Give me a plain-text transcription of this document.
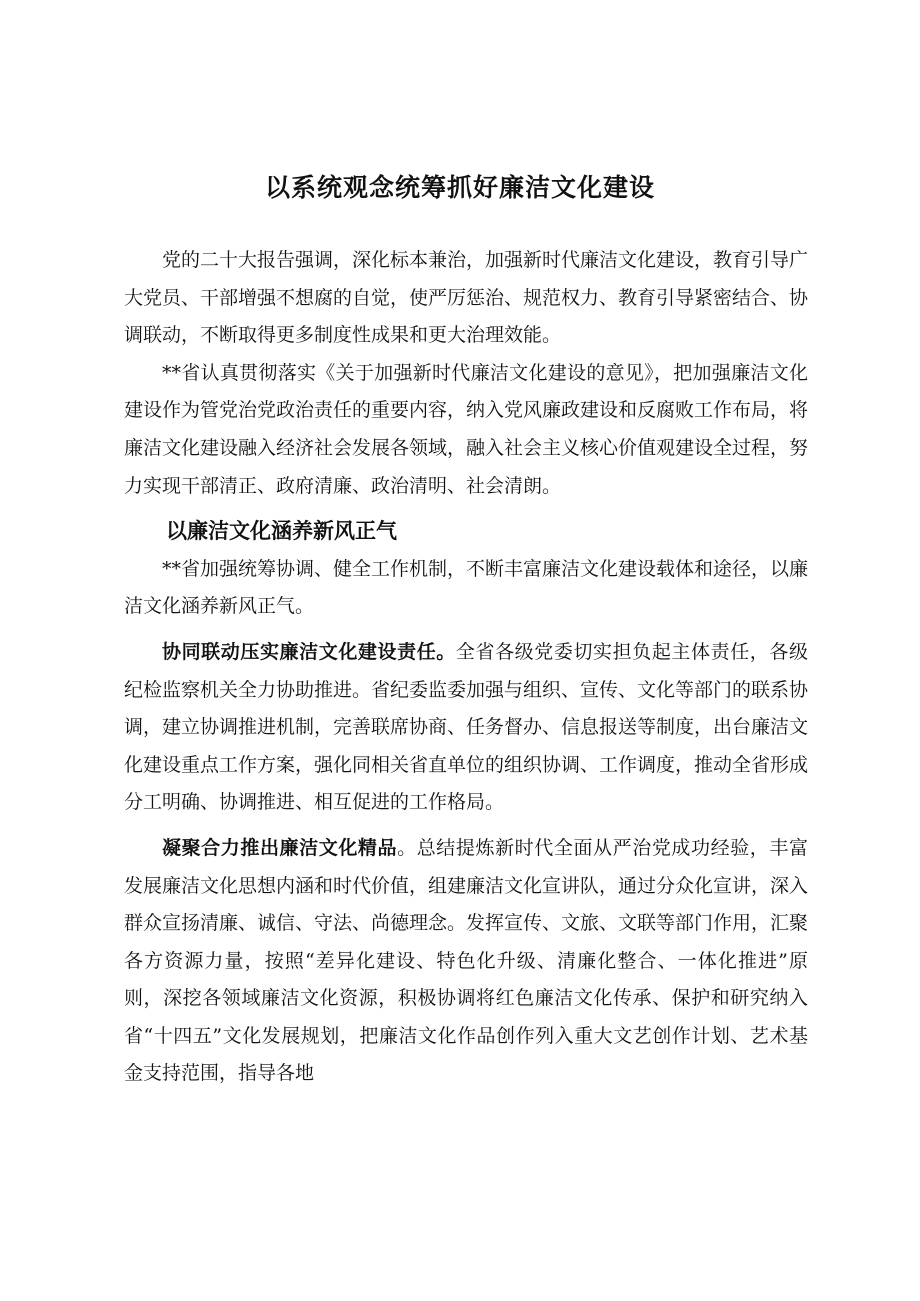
以系统观念统筹抓好廉洁文化建设

党的二十大报告强调，深化标本兼治，加强新时代廉洁文化建设，教育引导广大党员、干部增强不想腐的自觉，使严厉惩治、规范权力、教育引导紧密结合、协调联动，不断取得更多制度性成果和更大治理效能。

**省认真贯彻落实《关于加强新时代廉洁文化建设的意见》，把加强廉洁文化建设作为管党治党政治责任的重要内容，纳入党风廉政建设和反腐败工作布局，将廉洁文化建设融入经济社会发展各领域，融入社会主义核心价值观建设全过程，努力实现干部清正、政府清廉、政治清明、社会清朗。

以廉洁文化涵养新风正气

**省加强统筹协调、健全工作机制，不断丰富廉洁文化建设载体和途径，以廉洁文化涵养新风正气。

协同联动压实廉洁文化建设责任。全省各级党委切实担负起主体责任，各级纪检监察机关全力协助推进。省纪委监委加强与组织、宣传、文化等部门的联系协调，建立协调推进机制，完善联席协商、任务督办、信息报送等制度，出台廉洁文化建设重点工作方案，强化同相关省直单位的组织协调、工作调度，推动全省形成分工明确、协调推进、相互促进的工作格局。

凝聚合力推出廉洁文化精品。总结提炼新时代全面从严治党成功经验，丰富发展廉洁文化思想内涵和时代价值，组建廉洁文化宣讲队，通过分众化宣讲，深入群众宣扬清廉、诚信、守法、尚德理念。发挥宣传、文旅、文联等部门作用，汇聚各方资源力量，按照“差异化建设、特色化升级、清廉化整合、一体化推进”原则，深挖各领域廉洁文化资源，积极协调将红色廉洁文化传承、保护和研究纳入省“十四五”文化发展规划，把廉洁文化作品创作列入重大文艺创作计划、艺术基金支持范围，指导各地
